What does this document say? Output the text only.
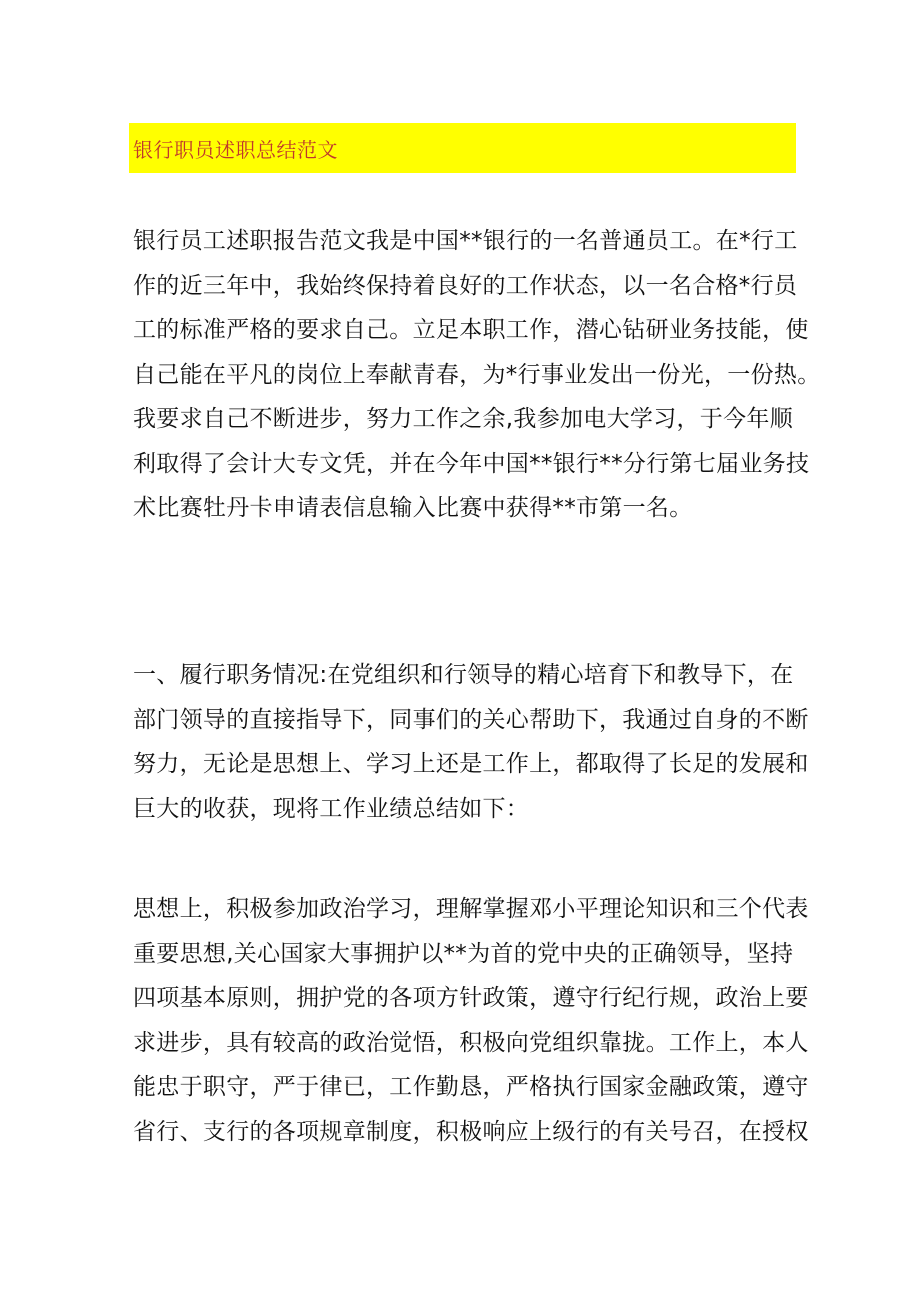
银行职员述职总结范文
银行员工述职报告范文我是中国**银行的一名普通员工。在*行工
作的近三年中，我始终保持着良好的工作状态，以一名合格*行员
工的标准严格的要求自己。立足本职工作，潜心钻研业务技能，使
自己能在平凡的岗位上奉献青春，为*行事业发出一份光，一份热。
我要求自己不断进步，努力工作之余,我参加电大学习，于今年顺
利取得了会计大专文凭，并在今年中国**银行**分行第七届业务技
术比赛牡丹卡申请表信息输入比赛中获得**市第一名。
一、履行职务情况:在党组织和行领导的精心培育下和教导下，在
部门领导的直接指导下，同事们的关心帮助下，我通过自身的不断
努力，无论是思想上、学习上还是工作上，都取得了长足的发展和
巨大的收获，现将工作业绩总结如下：
思想上，积极参加政治学习，理解掌握邓小平理论知识和三个代表
重要思想,关心国家大事拥护以**为首的党中央的正确领导，坚持
四项基本原则，拥护党的各项方针政策，遵守行纪行规，政治上要
求进步，具有较高的政治觉悟，积极向党组织靠拢。工作上，本人
能忠于职守，严于律已，工作勤恳，严格执行国家金融政策，遵守
省行、支行的各项规章制度，积极响应上级行的有关号召，在授权
